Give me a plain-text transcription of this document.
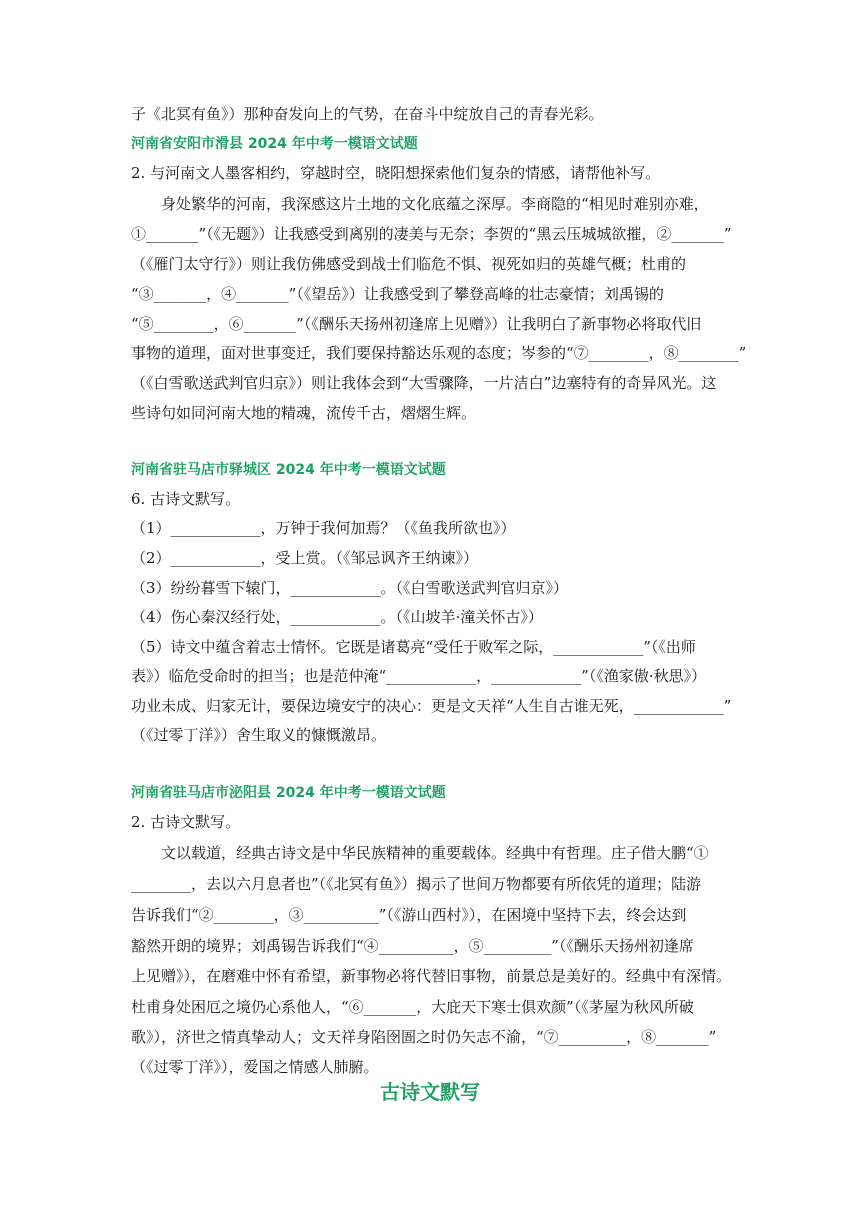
子《北冥有鱼》）那种奋发向上的气势，在奋斗中绽放自己的青春光彩。
河南省安阳市滑县 2024 年中考一模语文试题
2. 与河南文人墨客相约，穿越时空，晓阳想探索他们复杂的情感，请帮他补写。
身处繁华的河南，我深感这片土地的文化底蕴之深厚。李商隐的“相见时难别亦难，
①_______”（《无题》）让我感受到离别的凄美与无奈；李贺的“黑云压城城欲摧，②_______”
（《雁门太守行》）则让我仿佛感受到战士们临危不惧、视死如归的英雄气概；杜甫的
“③_______，④_______”（《望岳》）让我感受到了攀登高峰的壮志豪情；刘禹锡的
“⑤________，⑥_______”（《酬乐天扬州初逢席上见赠》）让我明白了新事物必将取代旧
事物的道理，面对世事变迁，我们要保持豁达乐观的态度；岑参的“⑦________，⑧________”
（《白雪歌送武判官归京》）则让我体会到“大雪骤降，一片洁白”边塞特有的奇异风光。这
些诗句如同河南大地的精魂，流传千古，熠熠生辉。
河南省驻马店市驿城区 2024 年中考一模语文试题
6. 古诗文默写。
（1）____________，万钟于我何加焉？（《鱼我所欲也》）
（2）____________，受上赏。（《邹忌讽齐王纳谏》）
（3）纷纷暮雪下辕门，____________。（《白雪歌送武判官归京》）
（4）伤心秦汉经行处，____________。（《山坡羊·潼关怀古》）
（5）诗文中蕴含着志士情怀。它既是诸葛亮“受任于败军之际，____________”（《出师
表》）临危受命时的担当；也是范仲淹“____________，____________”（《渔家傲·秋思》）
功业未成、归家无计，要保边境安宁的决心：更是文天祥“人生自古谁无死，____________”
（《过零丁洋》）舍生取义的慷慨激昂。
河南省驻马店市泌阳县 2024 年中考一模语文试题
2. 古诗文默写。
文以载道，经典古诗文是中华民族精神的重要载体。经典中有哲理。庄子借大鹏“①
________，去以六月息者也”（《北冥有鱼》）揭示了世间万物都要有所依凭的道理；陆游
告诉我们“②________，③__________”（《游山西村》），在困境中坚持下去，终会达到
豁然开朗的境界；刘禹锡告诉我们“④__________，⑤_________”（《酬乐天扬州初逢席
上见赠》），在磨难中怀有希望，新事物必将代替旧事物，前景总是美好的。经典中有深情。
杜甫身处困厄之境仍心系他人，“⑥_______，大庇天下寒士俱欢颜”（《茅屋为秋风所破
歌》），济世之情真挚动人；文天祥身陷囹圄之时仍矢志不渝，“⑦_________，⑧_______”
（《过零丁洋》），爱国之情感人肺腑。
古诗文默写
